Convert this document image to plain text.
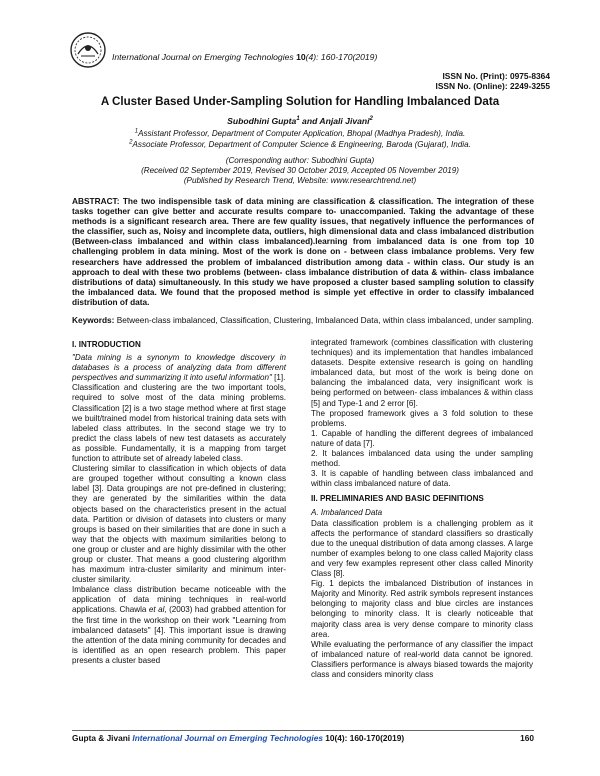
International Journal on Emerging Technologies 10(4): 160-170(2019)
ISSN No. (Print): 0975-8364
ISSN No. (Online): 2249-3255
A Cluster Based Under-Sampling Solution for Handling Imbalanced Data
Subodhini Gupta$^1$ and Anjali Jivani$^2$
$^1$Assistant Professor, Department of Computer Application, Bhopal (Madhya Pradesh), India.
$^2$Associate Professor, Department of Computer Science & Engineering, Baroda (Gujarat), India.
(Corresponding author: Subodhini Gupta)
(Received 02 September 2019, Revised 30 October 2019, Accepted 05 November 2019)
(Published by Research Trend, Website: www.researchtrend.net)
ABSTRACT: The two indispensible task of data mining are classification & classification. The integration of these tasks together can give better and accurate results compare to- unaccompanied. Taking the advantage of these methods is a significant research area. There are few quality issues, that negatively influence the performances of the classifier, such as, Noisy and incomplete data, outliers, high dimensional data and class imbalanced distribution (Between-class imbalanced and within class imbalanced).learning from imbalanced data is one from top 10 challenging problem in data mining. Most of the work is done on - between class imbalance problems. Very few researchers have addressed the problem of imbalanced distribution among data - within class. Our study is an approach to deal with these two problems (between- class imbalance distribution of data & within- class imbalance distributions of data) simultaneously. In this study we have proposed a cluster based sampling solution to classify the imbalanced data. We found that the proposed method is simple yet effective in order to classify imbalanced distribution of data.
Keywords: Between-class imbalanced, Classification, Clustering, Imbalanced Data, within class imbalanced, under sampling.

I. INTRODUCTION

"Data mining is a synonym to knowledge discovery in databases is a process of analyzing data from different perspectives and summarizing it into useful information" [1].

Classification and clustering are the two important tools, required to solve most of the data mining problems. Classification [2] is a two stage method where at first stage we built/trained model from historical training data sets with labeled class attributes. In the second stage we try to predict the class labels of new test datasets as accurately as possible. Fundamentally, it is a mapping from target function to attribute set of already labeled class.

Clustering similar to classification in which objects of data are grouped together without consulting a known class label [3]. Data groupings are not pre-defined in clustering; they are generated by the similarities within the data objects based on the characteristics present in the actual data. Partition or division of datasets into clusters or many groups is based on their similarities that are done in such a way that the objects with maximum similarities belong to one group or cluster and are highly dissimilar with the other group or cluster. That means a good clustering algorithm has maximum intra-cluster similarity and minimum inter-cluster similarity.

Imbalance class distribution became noticeable with the application of data mining techniques in real-world applications. Chawla et al, (2003) had grabbed attention for the first time in the workshop on their work "Learning from imbalanced datasets" [4]. This important issue is drawing the attention of the data mining community for decades and is identified as an open research problem. This paper presents a cluster based

integrated framework (combines classification with clustering techniques) and its implementation that handles imbalanced datasets. Despite extensive research is going on handling imbalanced data, but most of the work is being done on balancing the imbalanced data, very insignificant work is being performed on between- class imbalances & within class [5] and Type-1 and 2 error [6].

The proposed framework gives a 3 fold solution to these problems.

1. Capable of handling the different degrees of imbalanced nature of data [7].

2. It balances imbalanced data using the under sampling method.

3. It is capable of handling between class imbalanced and within class imbalanced nature of data.

II. PRELIMINARIES AND BASIC DEFINITIONS

A. Imbalanced Data

Data classification problem is a challenging problem as it affects the performance of standard classifiers so drastically due to the unequal distribution of data among classes. A large number of examples belong to one class called Majority class and very few examples represent other class called Minority Class [8].

Fig. 1 depicts the imbalanced Distribution of instances in Majority and Minority. Red astrik symbols represent instances belonging to majority class and blue circles are instances belonging to minority class. It is clearly noticeable that majority class area is very dense compare to minority class area.

While evaluating the performance of any classifier the impact of imbalanced nature of real-world data cannot be ignored. Classifiers performance is always biased towards the majority class and considers minority class

Gupta & Jivani International Journal on Emerging Technologies 10(4): 160-170(2019)	160
